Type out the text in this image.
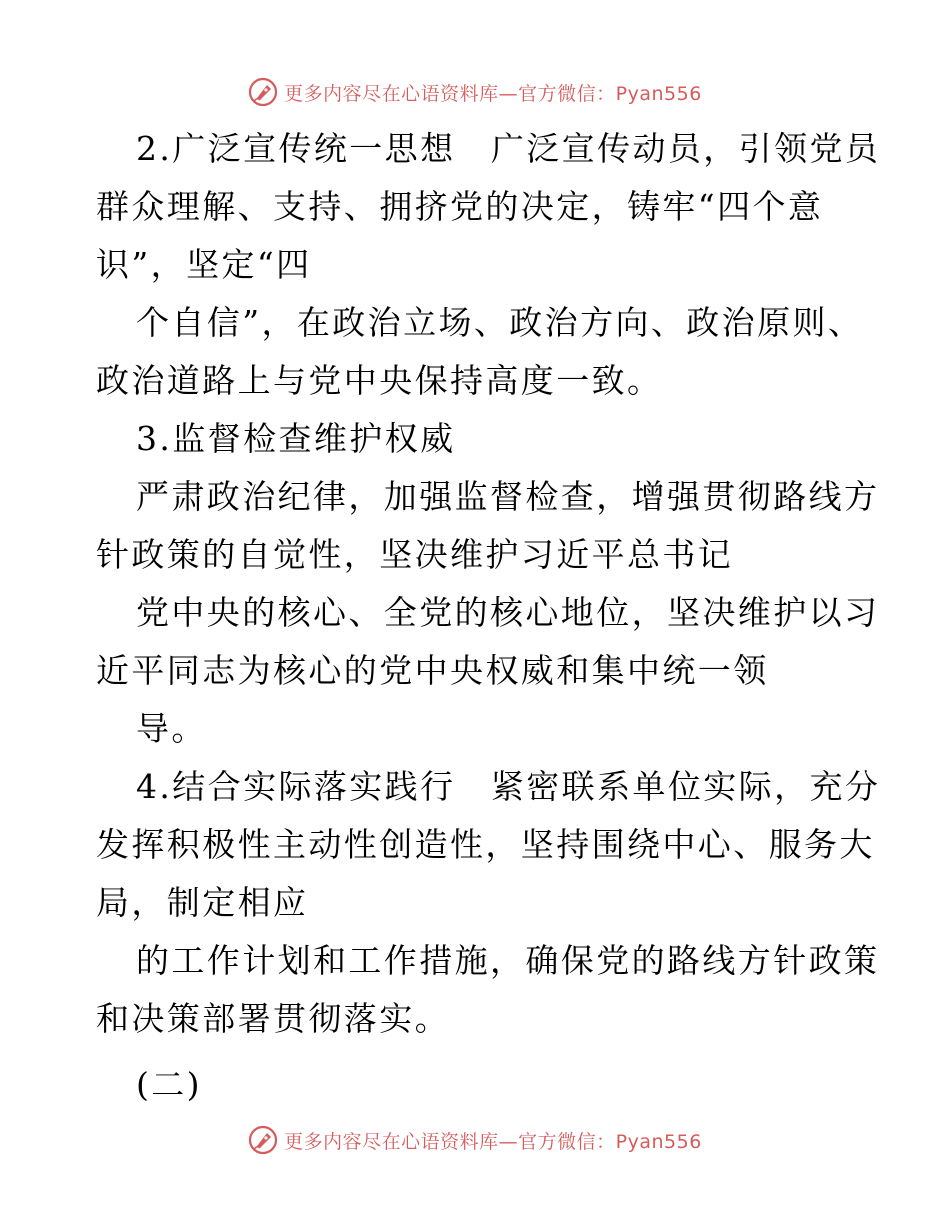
更多内容尽在心语资料库—官方微信：Pyan556
2.广泛宣传统一思想　广泛宣传动员，引领党员
群众理解、支持、拥挤党的决定，铸牢“四个意
识”，坚定“四
个自信”，在政治立场、政治方向、政治原则、
政治道路上与党中央保持高度一致。
3.监督检查维护权威
严肃政治纪律，加强监督检查，增强贯彻路线方
针政策的自觉性，坚决维护习近平总书记
党中央的核心、全党的核心地位，坚决维护以习
近平同志为核心的党中央权威和集中统一领
导。
4.结合实际落实践行　紧密联系单位实际，充分
发挥积极性主动性创造性，坚持围绕中心、服务大
局，制定相应
的工作计划和工作措施，确保党的路线方针政策
和决策部署贯彻落实。
(二)
更多内容尽在心语资料库—官方微信：Pyan556
